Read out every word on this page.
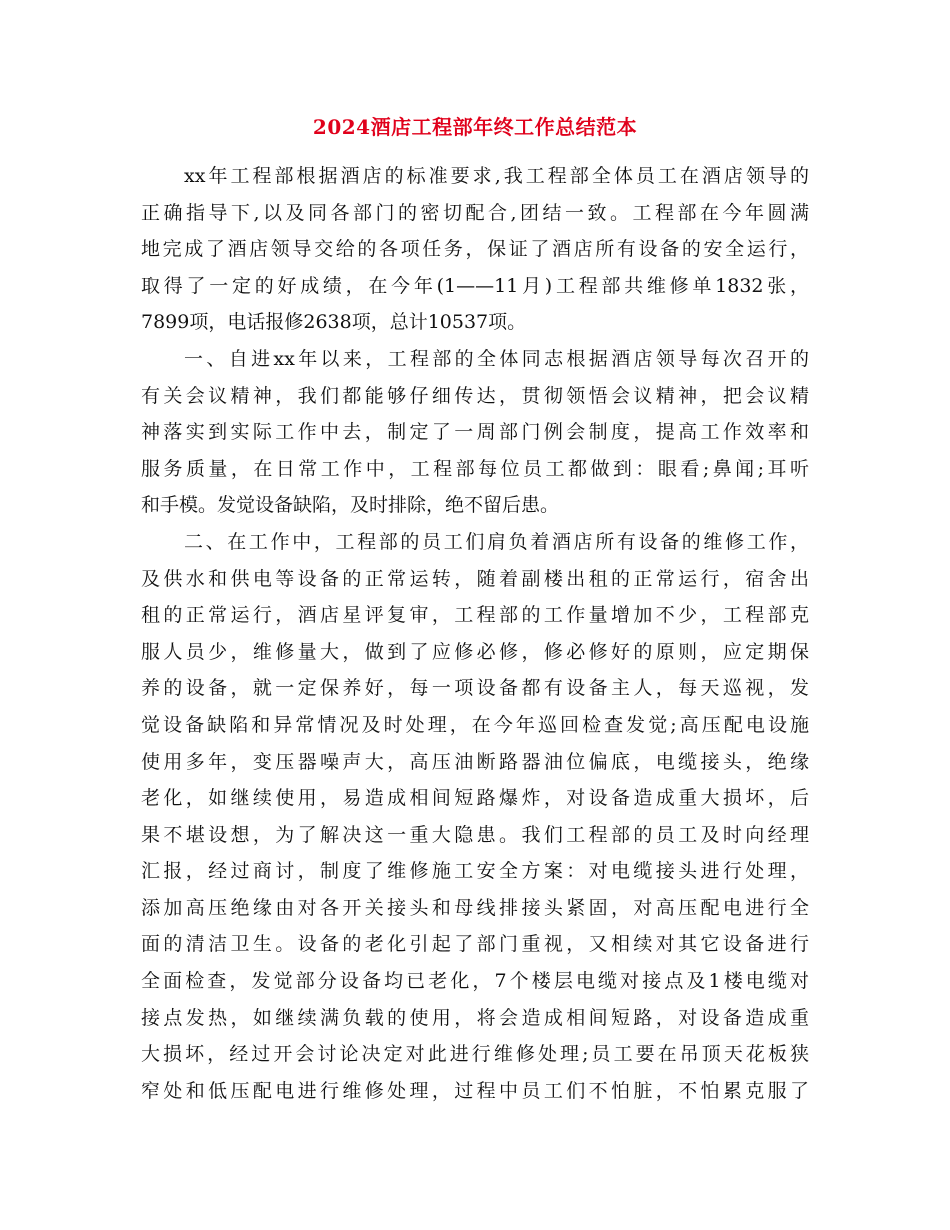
2024酒店工程部年终工作总结范本
xx年工程部根据酒店的标准要求,我工程部全体员工在酒店领导的
正确指导下,以及同各部门的密切配合,团结一致。工程部在今年圆满
地完成了酒店领导交给的各项任务，保证了酒店所有设备的安全运行，
取得了一定的好成绩，在今年(1——11月)工程部共维修单1832张，
7899项，电话报修2638项，总计10537项。
一、自进xx年以来，工程部的全体同志根据酒店领导每次召开的
有关会议精神，我们都能够仔细传达，贯彻领悟会议精神，把会议精
神落实到实际工作中去，制定了一周部门例会制度，提高工作效率和
服务质量，在日常工作中，工程部每位员工都做到：眼看;鼻闻;耳听
和手模。发觉设备缺陷，及时排除，绝不留后患。
二、在工作中，工程部的员工们肩负着酒店所有设备的维修工作，
及供水和供电等设备的正常运转，随着副楼出租的正常运行，宿舍出
租的正常运行，酒店星评复审，工程部的工作量增加不少，工程部克
服人员少，维修量大，做到了应修必修，修必修好的原则，应定期保
养的设备，就一定保养好，每一项设备都有设备主人，每天巡视，发
觉设备缺陷和异常情况及时处理，在今年巡回检查发觉;高压配电设施
使用多年，变压器噪声大，高压油断路器油位偏底，电缆接头，绝缘
老化，如继续使用，易造成相间短路爆炸，对设备造成重大损坏，后
果不堪设想，为了解决这一重大隐患。我们工程部的员工及时向经理
汇报，经过商讨，制度了维修施工安全方案：对电缆接头进行处理，
添加高压绝缘由对各开关接头和母线排接头紧固，对高压配电进行全
面的清洁卫生。设备的老化引起了部门重视，又相续对其它设备进行
全面检查，发觉部分设备均已老化，7个楼层电缆对接点及1楼电缆对
接点发热，如继续满负载的使用，将会造成相间短路，对设备造成重
大损坏，经过开会讨论决定对此进行维修处理;员工要在吊顶天花板狭
窄处和低压配电进行维修处理，过程中员工们不怕脏，不怕累克服了
